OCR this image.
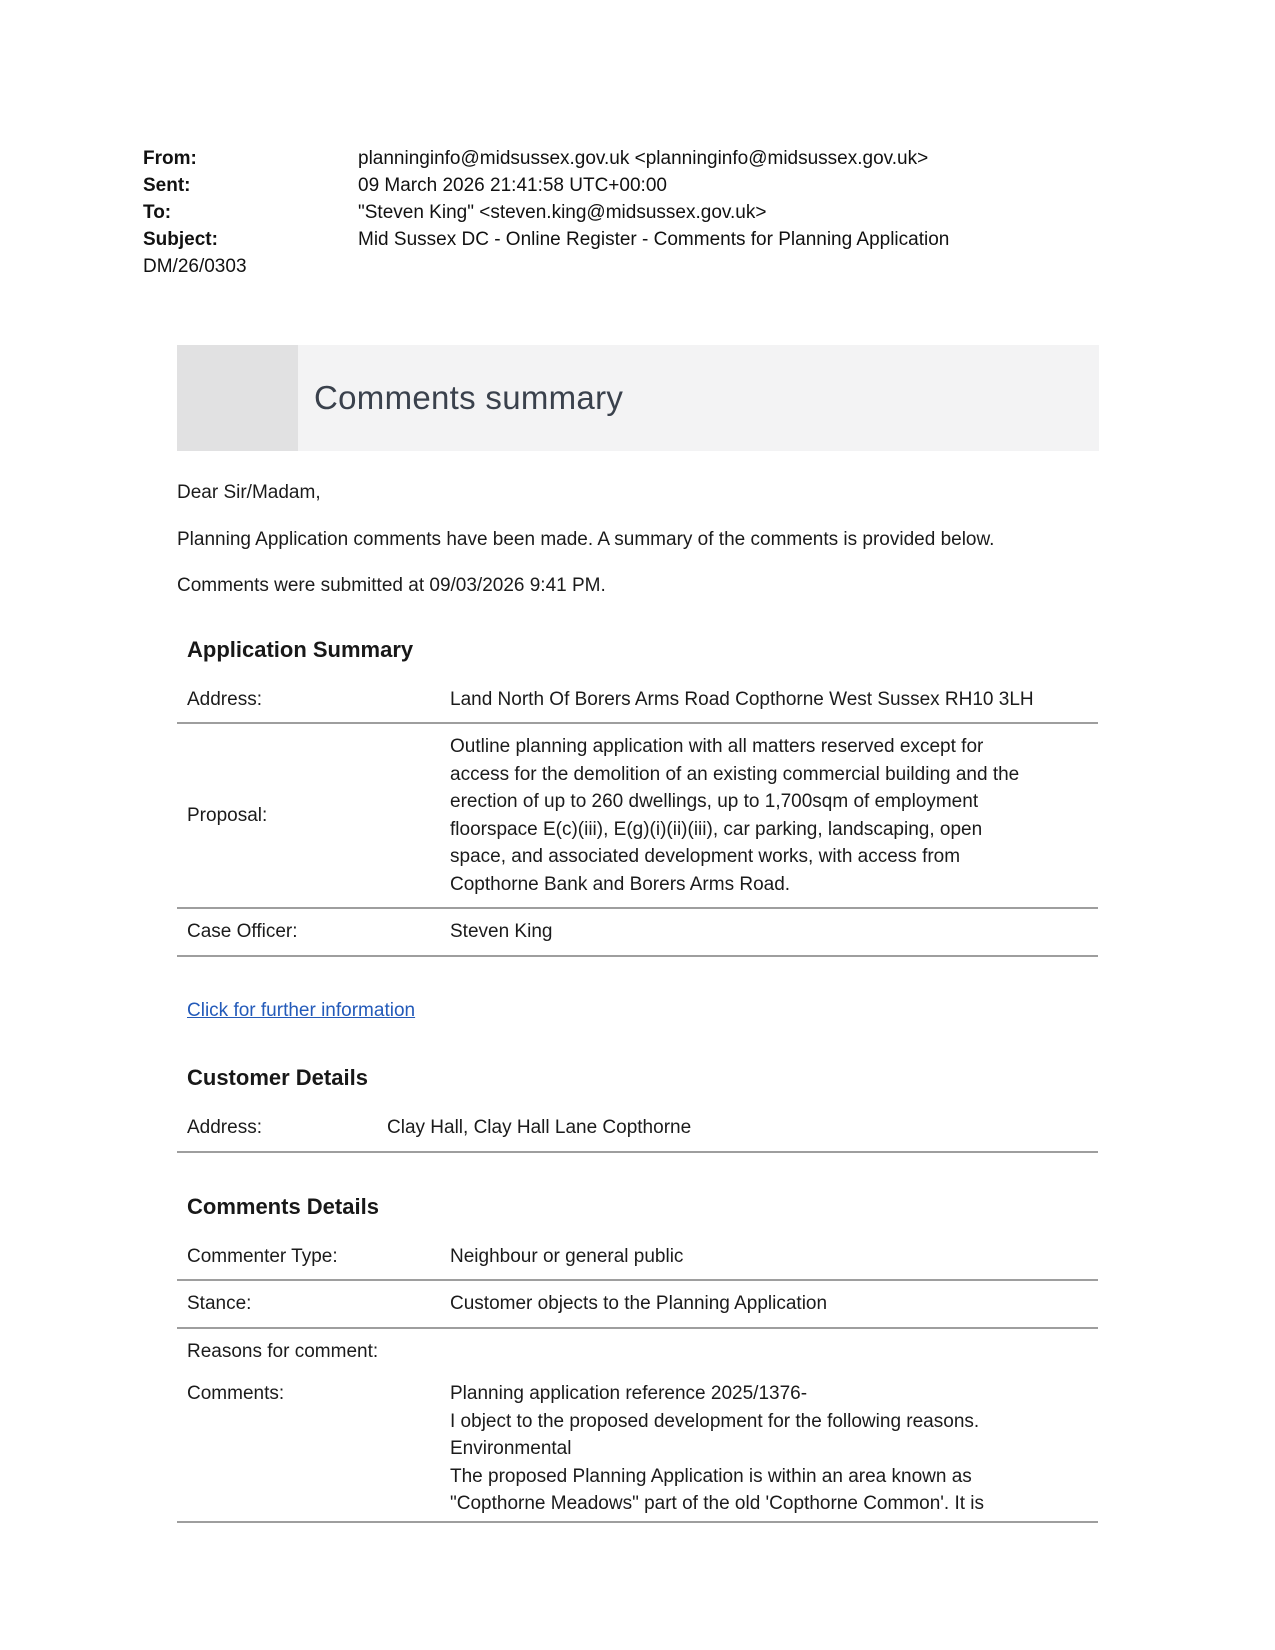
From:	planninginfo@midsussex.gov.uk <planninginfo@midsussex.gov.uk>
Sent:	09 March 2026 21:41:58 UTC+00:00
To:	"Steven King" <steven.king@midsussex.gov.uk>
Subject:	Mid Sussex DC - Online Register - Comments for Planning Application
DM/26/0303
Comments summary

Dear Sir/Madam,

Planning Application comments have been made. A summary of the comments is provided below.

Comments were submitted at 09/03/2026 9:41 PM.

Application Summary
Address:	Land North Of Borers Arms Road Copthorne West Sussex RH10 3LH
Proposal:
Outline planning application with all matters reserved except for access for the demolition of an existing commercial building and the erection of up to 260 dwellings, up to 1,700sqm of employment floorspace E(c)(iii), E(g)(i)(ii)(iii), car parking, landscaping, open space, and associated development works, with access from Copthorne Bank and Borers Arms Road.
Case Officer:	Steven King
Click for further information
Customer Details
Address:	Clay Hall, Clay Hall Lane Copthorne
Comments Details
Commenter Type:	Neighbour or general public
Stance:	Customer objects to the Planning Application
Reasons for comment:
Comments:	Planning application reference 2025/1376-
I object to the proposed development for the following reasons.
Environmental
The proposed Planning Application is within an area known as
"Copthorne Meadows" part of the old 'Copthorne Common'. It is
